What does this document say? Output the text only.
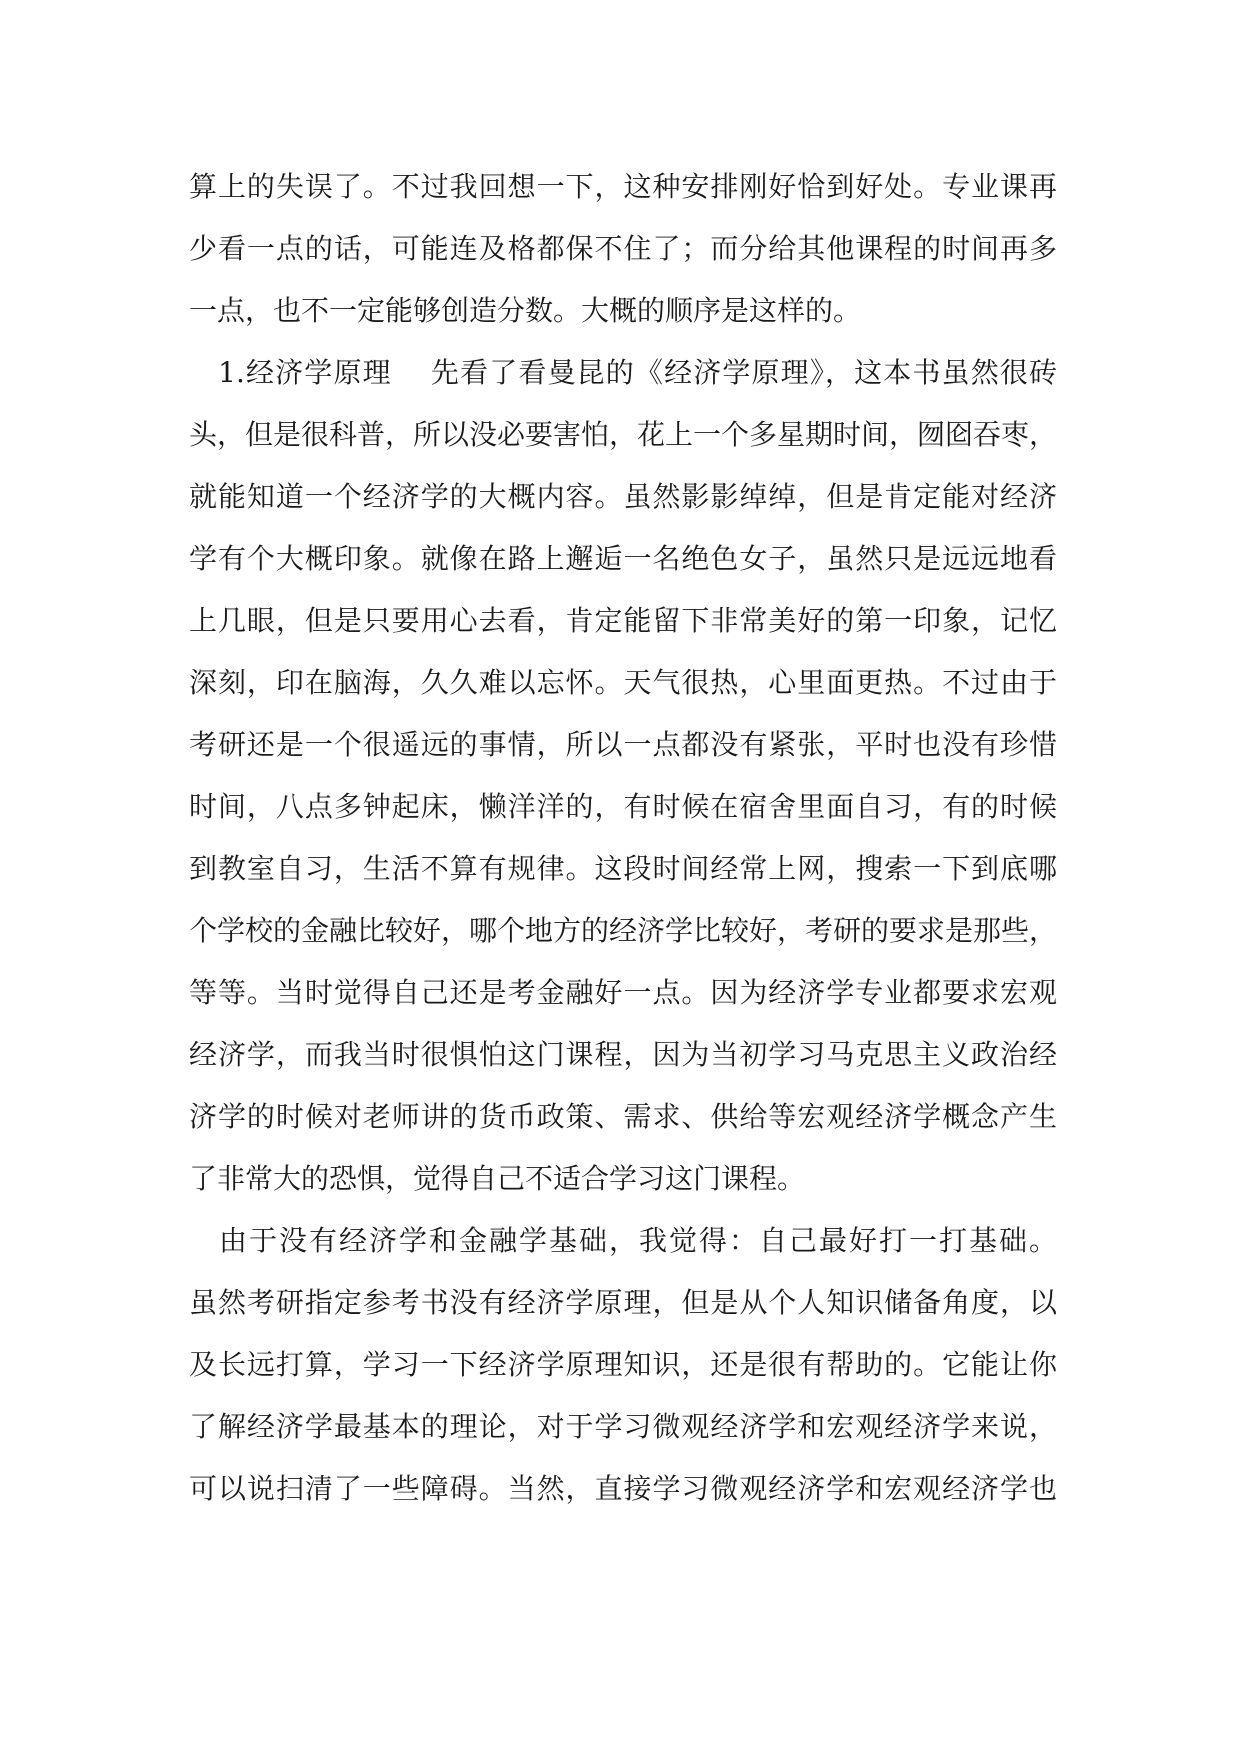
算上的失误了。不过我回想一下，这种安排刚好恰到好处。专业课再
少看一点的话，可能连及格都保不住了；而分给其他课程的时间再多
一点，也不一定能够创造分数。大概的顺序是这样的。
　1.经济学原理　 先看了看曼昆的《经济学原理》，这本书虽然很砖
头，但是很科普，所以没必要害怕，花上一个多星期时间，囫囵吞枣，
就能知道一个经济学的大概内容。虽然影影绰绰，但是肯定能对经济
学有个大概印象。就像在路上邂逅一名绝色女子，虽然只是远远地看
上几眼，但是只要用心去看，肯定能留下非常美好的第一印象，记忆
深刻，印在脑海，久久难以忘怀。天气很热，心里面更热。不过由于
考研还是一个很遥远的事情，所以一点都没有紧张，平时也没有珍惜
时间，八点多钟起床，懒洋洋的，有时候在宿舍里面自习，有的时候
到教室自习，生活不算有规律。这段时间经常上网，搜索一下到底哪
个学校的金融比较好，哪个地方的经济学比较好，考研的要求是那些，
等等。当时觉得自己还是考金融好一点。因为经济学专业都要求宏观
经济学，而我当时很惧怕这门课程，因为当初学习马克思主义政治经
济学的时候对老师讲的货币政策、需求、供给等宏观经济学概念产生
了非常大的恐惧，觉得自己不适合学习这门课程。
　由于没有经济学和金融学基础，我觉得：自己最好打一打基础。
虽然考研指定参考书没有经济学原理，但是从个人知识储备角度，以
及长远打算，学习一下经济学原理知识，还是很有帮助的。它能让你
了解经济学最基本的理论，对于学习微观经济学和宏观经济学来说，
可以说扫清了一些障碍。当然，直接学习微观经济学和宏观经济学也
